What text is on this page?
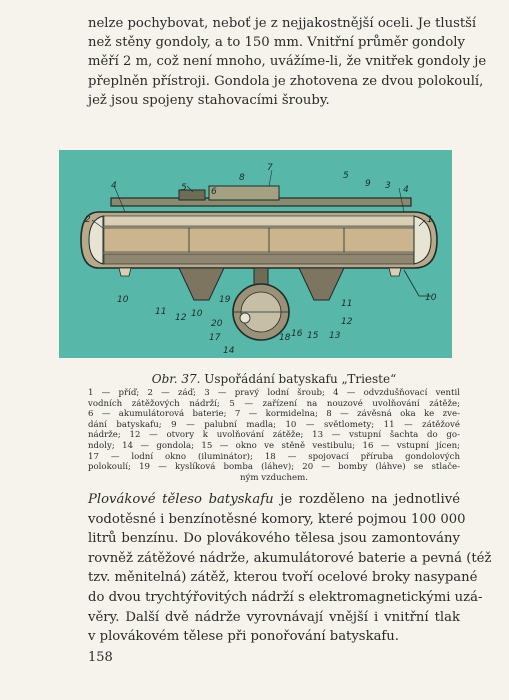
nelze pochybovat, neboť je z nejjakostnější oceli. Je tlustší
než stěny gondoly, a to 150 mm. Vnitřní průměr gondoly
měří 2 m, což není mnoho, uvážíme-li, že vnitřek gondoly je
přeplněn přístroji. Gondola je zhotovena ze dvou polokoulí,
jež jsou spojeny stahovacími šrouby.
7
5	6
8
4
2
5
9 3 4
1
10
11
12 10
19
20
17
14
18 16 15 13
12
11
10
Obr. 37. Uspořádání batyskafu „Trieste“
1 — příď; 2 — záď; 3 — pravý lodní šroub; 4 — odvzdušňovací ventil
vodních zátěžových nádrží; 5 — zařízení na nouzové uvolňování zátěže;
6 — akumulátorová baterie; 7 — kormidelna; 8 — závěsná oka ke zve-
dání batyskafu; 9 — palubní madla; 10 — světlomety; 11 — zátěžové
nádrže; 12 — otvory k uvolňování zátěže; 13 — vstupní šachta do go-
ndoly; 14 — gondola; 15 — okno ve stěně vestibulu; 16 — vstupní jícen;
17 — lodní okno (iluminátor); 18 — spojovací příruba gondolových
polokoulí; 19 — kyslíková bomba (láhev); 20 — bomby (láhve) se stlače-
ným vzduchem.
Plovákové těleso batyskafu je rozděleno na jednotlivé
vodotěsné i benzínotěsné komory, které pojmou 100 000
litrů benzínu. Do plovákového tělesa jsou zamontovány
rovněž zátěžové nádrže, akumulátorové baterie a pevná (též
tzv. měnitelná) zátěž, kterou tvoří ocelové broky nasypané
do dvou trychtýřovitých nádrží s elektromagnetickými uzá-
věry. Další dvě nádrže vyrovnávají vnější i vnitřní tlak
v plovákovém tělese při ponořování batyskafu.
158
